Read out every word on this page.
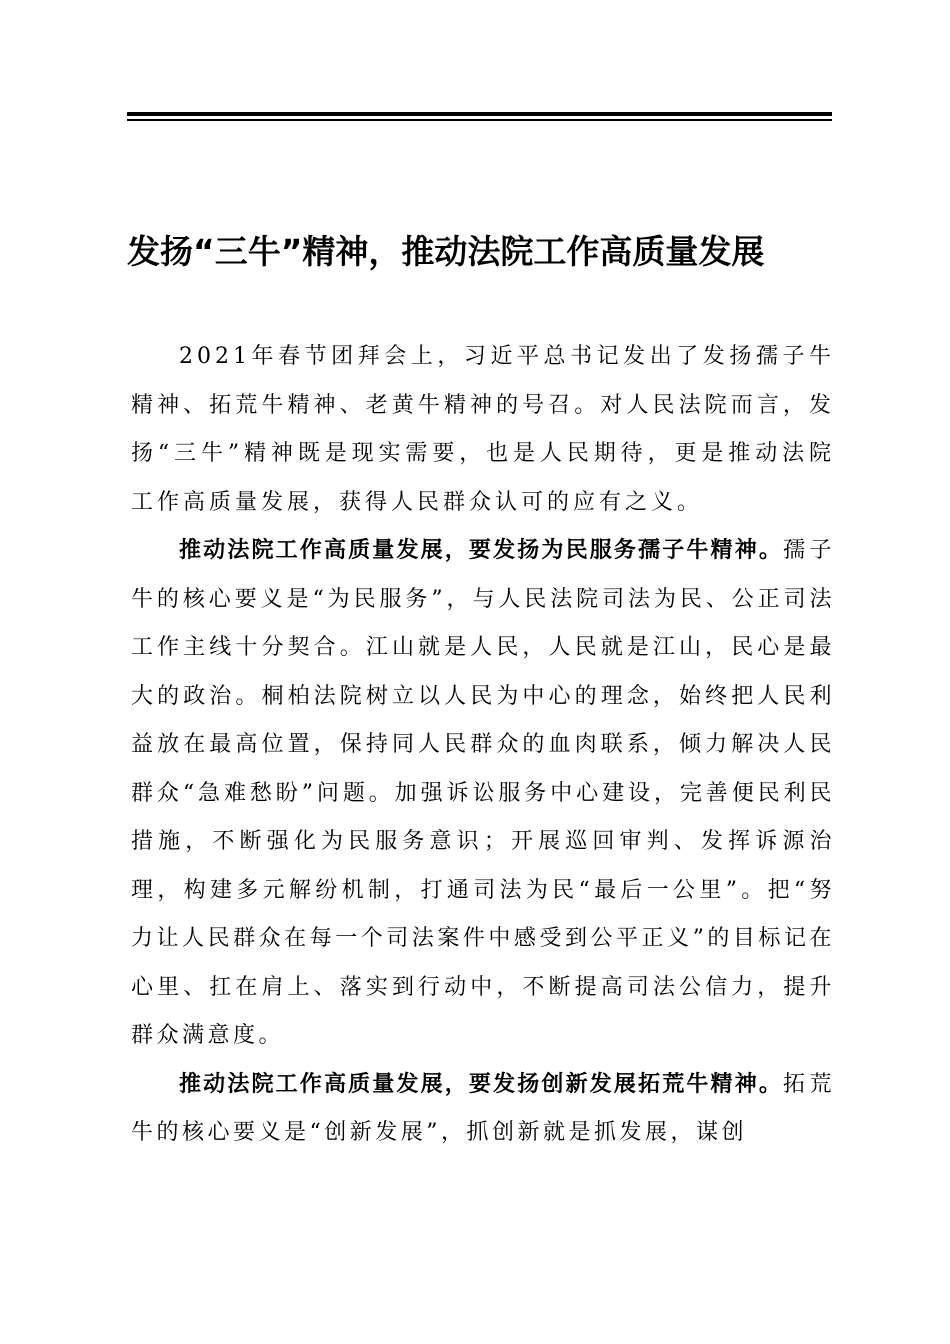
发扬“三牛”精神，推动法院工作高质量发展

2021年春节团拜会上，习近平总书记发出了发扬孺子牛精神、拓荒牛精神、老黄牛精神的号召。对人民法院而言，发扬“三牛”精神既是现实需要，也是人民期待，更是推动法院工作高质量发展，获得人民群众认可的应有之义。

推动法院工作高质量发展，要发扬为民服务孺子牛精神。孺子牛的核心要义是“为民服务”，与人民法院司法为民、公正司法工作主线十分契合。江山就是人民，人民就是江山，民心是最大的政治。桐柏法院树立以人民为中心的理念，始终把人民利益放在最高位置，保持同人民群众的血肉联系，倾力解决人民群众“急难愁盼”问题。加强诉讼服务中心建设，完善便民利民措施，不断强化为民服务意识；开展巡回审判、发挥诉源治理，构建多元解纷机制，打通司法为民“最后一公里”。把“努力让人民群众在每一个司法案件中感受到公平正义”的目标记在心里、扛在肩上、落实到行动中，不断提高司法公信力，提升群众满意度。

推动法院工作高质量发展，要发扬创新发展拓荒牛精神。拓荒牛的核心要义是“创新发展”，抓创新就是抓发展，谋创
